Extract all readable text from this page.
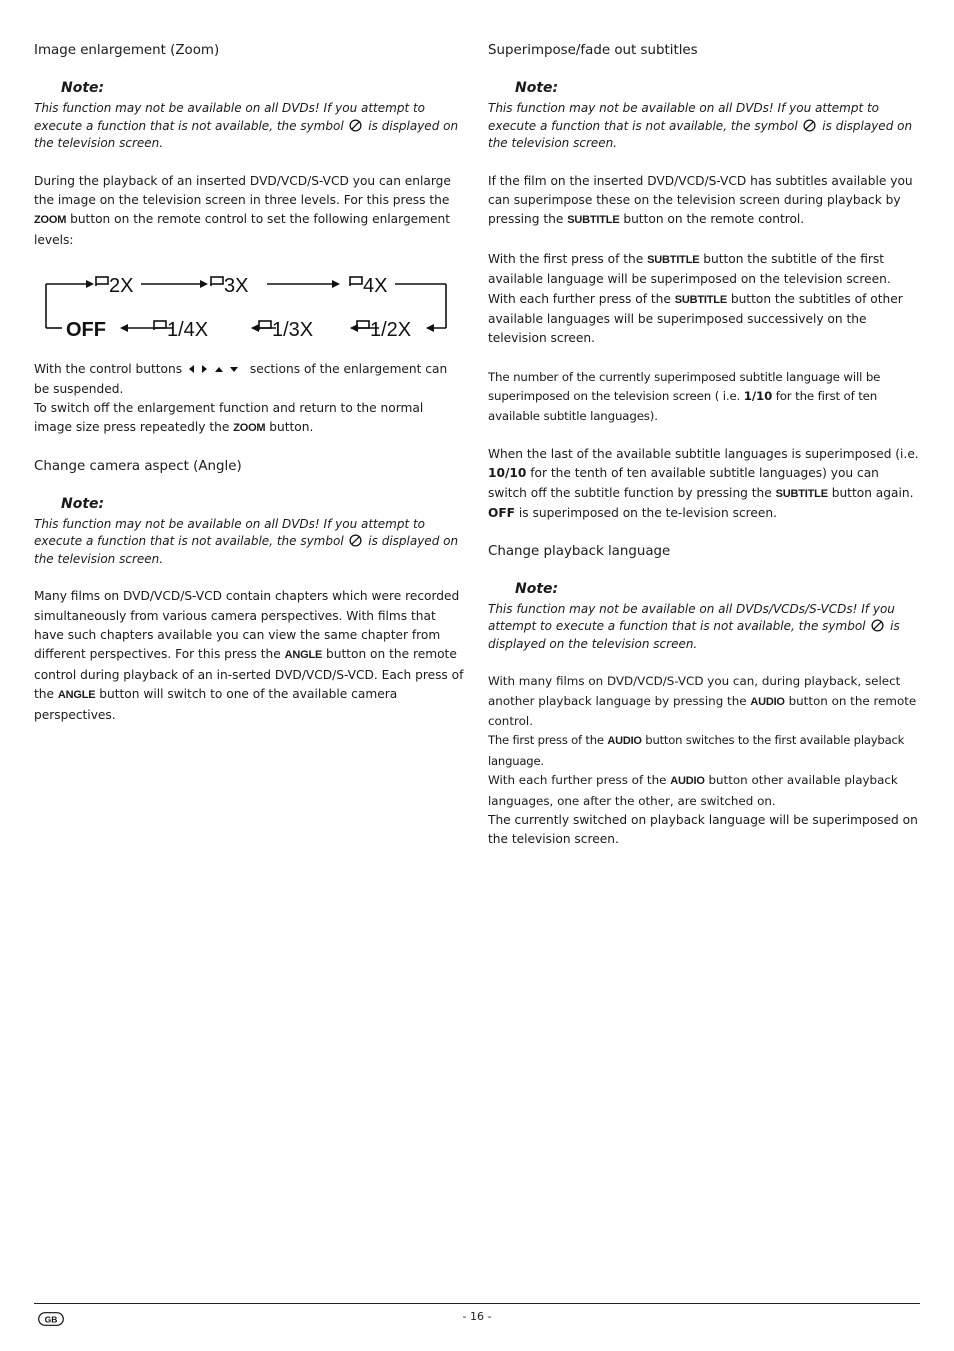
Image enlargement (Zoom)
Note:

This function may not be available on all DVDs! If you attempt to execute a function that is not available, the symbol  is displayed on the television screen.

During the playback of an inserted DVD/VCD/S-VCD you can enlarge the image on the television screen in three levels. For this press the ZOOM button on the remote control to set the following enlargement levels:

2X	3X	4X
OFF	1/4X	1/3X	1/2X

With the control buttons	sections of the enlargement can be suspended.

To switch off the enlargement function and return to the normal image size press repeatedly the ZOOM button.

Change camera aspect (Angle)
Note:

This function may not be available on all DVDs! If you attempt to execute a function that is not available, the symbol  is displayed on the television screen.

Many films on DVD/VCD/S-VCD contain chapters which were recorded simultaneously from various camera perspectives. With films that have such chapters available you can view the same chapter from different perspectives. For this press the ANGLE button on the remote control during playback of an in-serted DVD/VCD/S-VCD. Each press of the ANGLE button will switch to one of the available camera perspectives.

Superimpose/fade out subtitles
Note:

This function may not be available on all DVDs! If you attempt to execute a function that is not available, the symbol  is displayed on the television screen.

If the film on the inserted DVD/VCD/S-VCD has subtitles available you can superimpose these on the television screen during playback by pressing the SUBTITLE button on the remote control.

With the first press of the SUBTITLE button the subtitle of the first available language will be superimposed on the television screen. With each further press of the SUBTITLE button the subtitles of other available languages will be superimposed successively on the television screen.

The number of the currently superimposed subtitle language will be superimposed on the television screen ( i.e. 1/10 for the first of ten available subtitle languages).

When the last of the available subtitle languages is superimposed (i.e. 10/10 for the tenth of ten available subtitle languages) you can switch off the subtitle function by pressing the SUBTITLE button again. OFF is superimposed on the te-levision screen.

Change playback language
Note:

This function may not be available on all DVDs/VCDs/S-VCDs! If you attempt to execute a function that is not available, the symbol  is displayed on the television screen.

With many films on DVD/VCD/S-VCD you can, during playback, select another playback language by pressing the AUDIO button on the remote control.

The first press of the AUDIO button switches to the first available playback language.

With each further press of the AUDIO button other available playback languages, one after the other, are switched on.

The currently switched on playback language will be superimposed on the television screen.

GB	- 16 -
